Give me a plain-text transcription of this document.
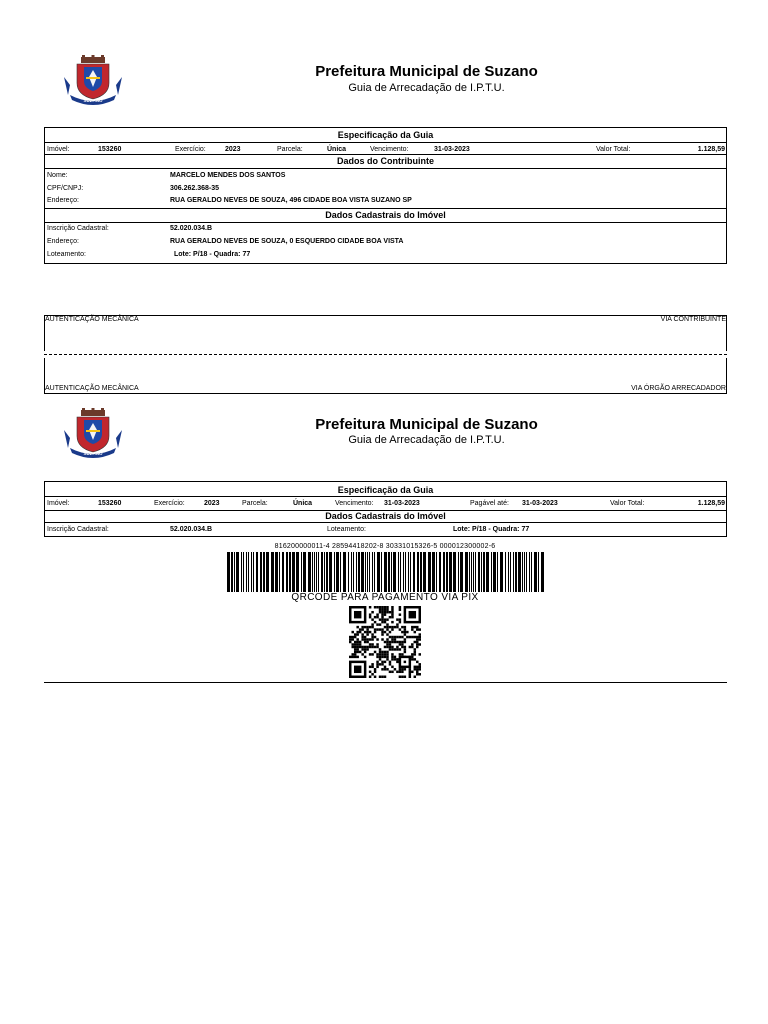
SUZANO
Prefeitura Municipal de Suzano
Guia de Arrecadação de I.P.T.U.
Especificação da Guia
Imóvel:	153260	Exercício:	2023	Parcela:	Única	Vencimento:	31-03-2023	Valor Total:	1.128,59
Dados do Contribuinte
Nome:	MARCELO MENDES DOS SANTOS
CPF/CNPJ:	306.262.368-35
Endereço:	RUA GERALDO NEVES DE SOUZA, 496 CIDADE BOA VISTA SUZANO SP
Dados Cadastrais do Imóvel
Inscrição Cadastral:	52.020.034.B
Endereço:	RUA GERALDO NEVES DE SOUZA, 0 ESQUERDO CIDADE BOA VISTA
Loteamento:	Lote: P/18 - Quadra: 77
AUTENTICAÇÃO MECÂNICA	VIA CONTRIBUINTE
AUTENTICAÇÃO MECÂNICA	VIA ÓRGÃO ARRECADADOR
SUZANO
Prefeitura Municipal de Suzano
Guia de Arrecadação de I.P.T.U.
Especificação da Guia
Imóvel:	153260	Exercício:	2023	Parcela:	Única	Vencimento: 31-03-2023	Pagável até: 31-03-2023	Valor Total:	1.128,59
Dados Cadastrais do Imóvel
Inscrição Cadastral:	52.020.034.B	Loteamento:	Lote: P/18 - Quadra: 77
816200000011-4 28594418202-8 30331015326-5 000012300002-6
QRCODE PARA PAGAMENTO VIA PIX
